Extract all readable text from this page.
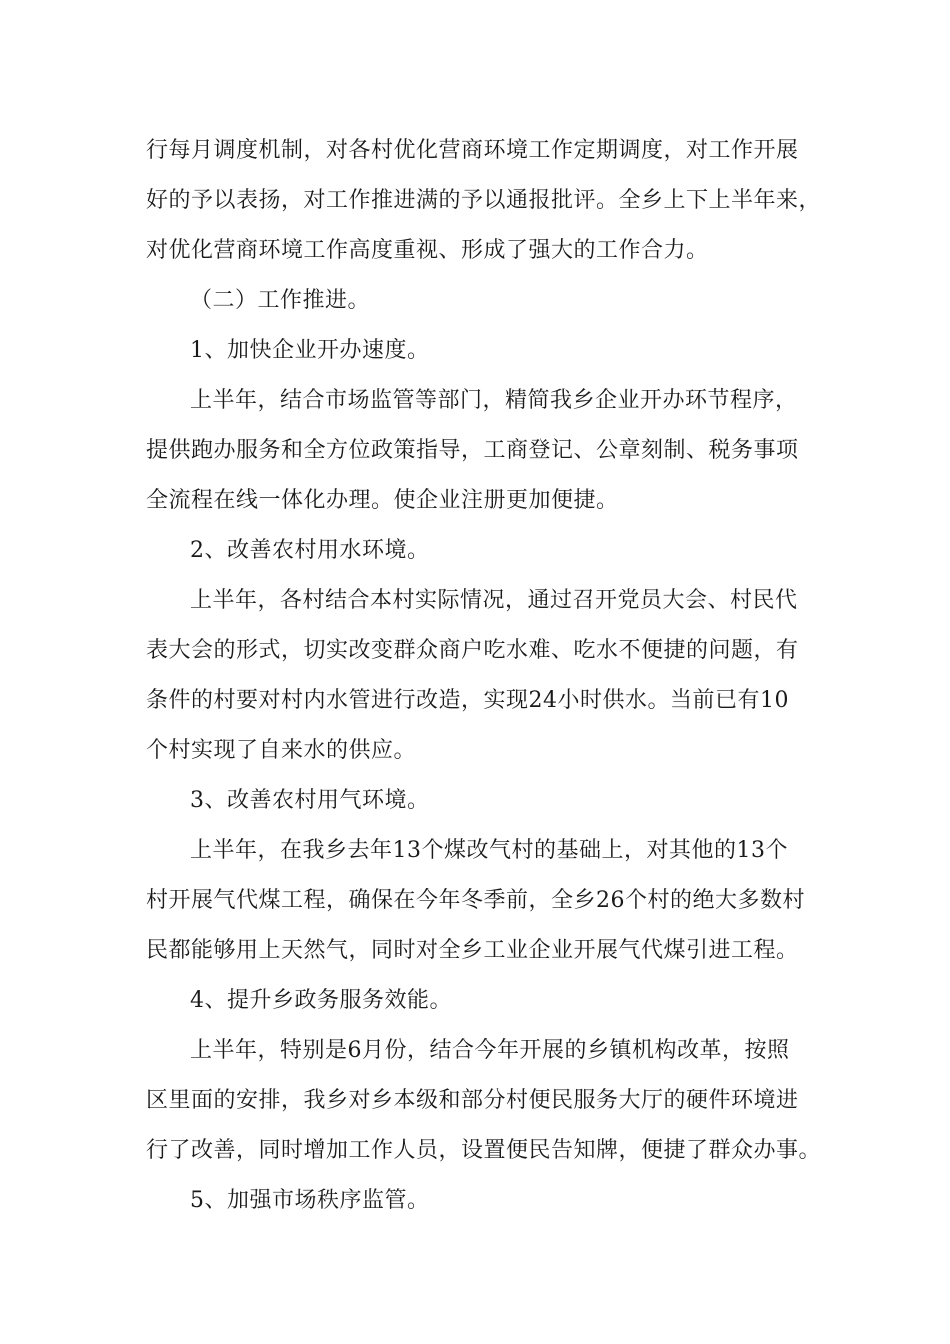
行每月调度机制，对各村优化营商环境工作定期调度，对工作开展
好的予以表扬，对工作推进满的予以通报批评。全乡上下上半年来，
对优化营商环境工作高度重视、形成了强大的工作合力。
（二）工作推进。
1、加快企业开办速度。
上半年，结合市场监管等部门，精简我乡企业开办环节程序，
提供跑办服务和全方位政策指导，工商登记、公章刻制、税务事项
全流程在线一体化办理。使企业注册更加便捷。
2、改善农村用水环境。
上半年，各村结合本村实际情况，通过召开党员大会、村民代
表大会的形式，切实改变群众商户吃水难、吃水不便捷的问题，有
条件的村要对村内水管进行改造，实现24小时供水。当前已有10
个村实现了自来水的供应。
3、改善农村用气环境。
上半年，在我乡去年13个煤改气村的基础上，对其他的13个
村开展气代煤工程，确保在今年冬季前，全乡26个村的绝大多数村
民都能够用上天然气，同时对全乡工业企业开展气代煤引进工程。
4、提升乡政务服务效能。
上半年，特别是6月份，结合今年开展的乡镇机构改革，按照
区里面的安排，我乡对乡本级和部分村便民服务大厅的硬件环境进
行了改善，同时增加工作人员，设置便民告知牌，便捷了群众办事。
5、加强市场秩序监管。
